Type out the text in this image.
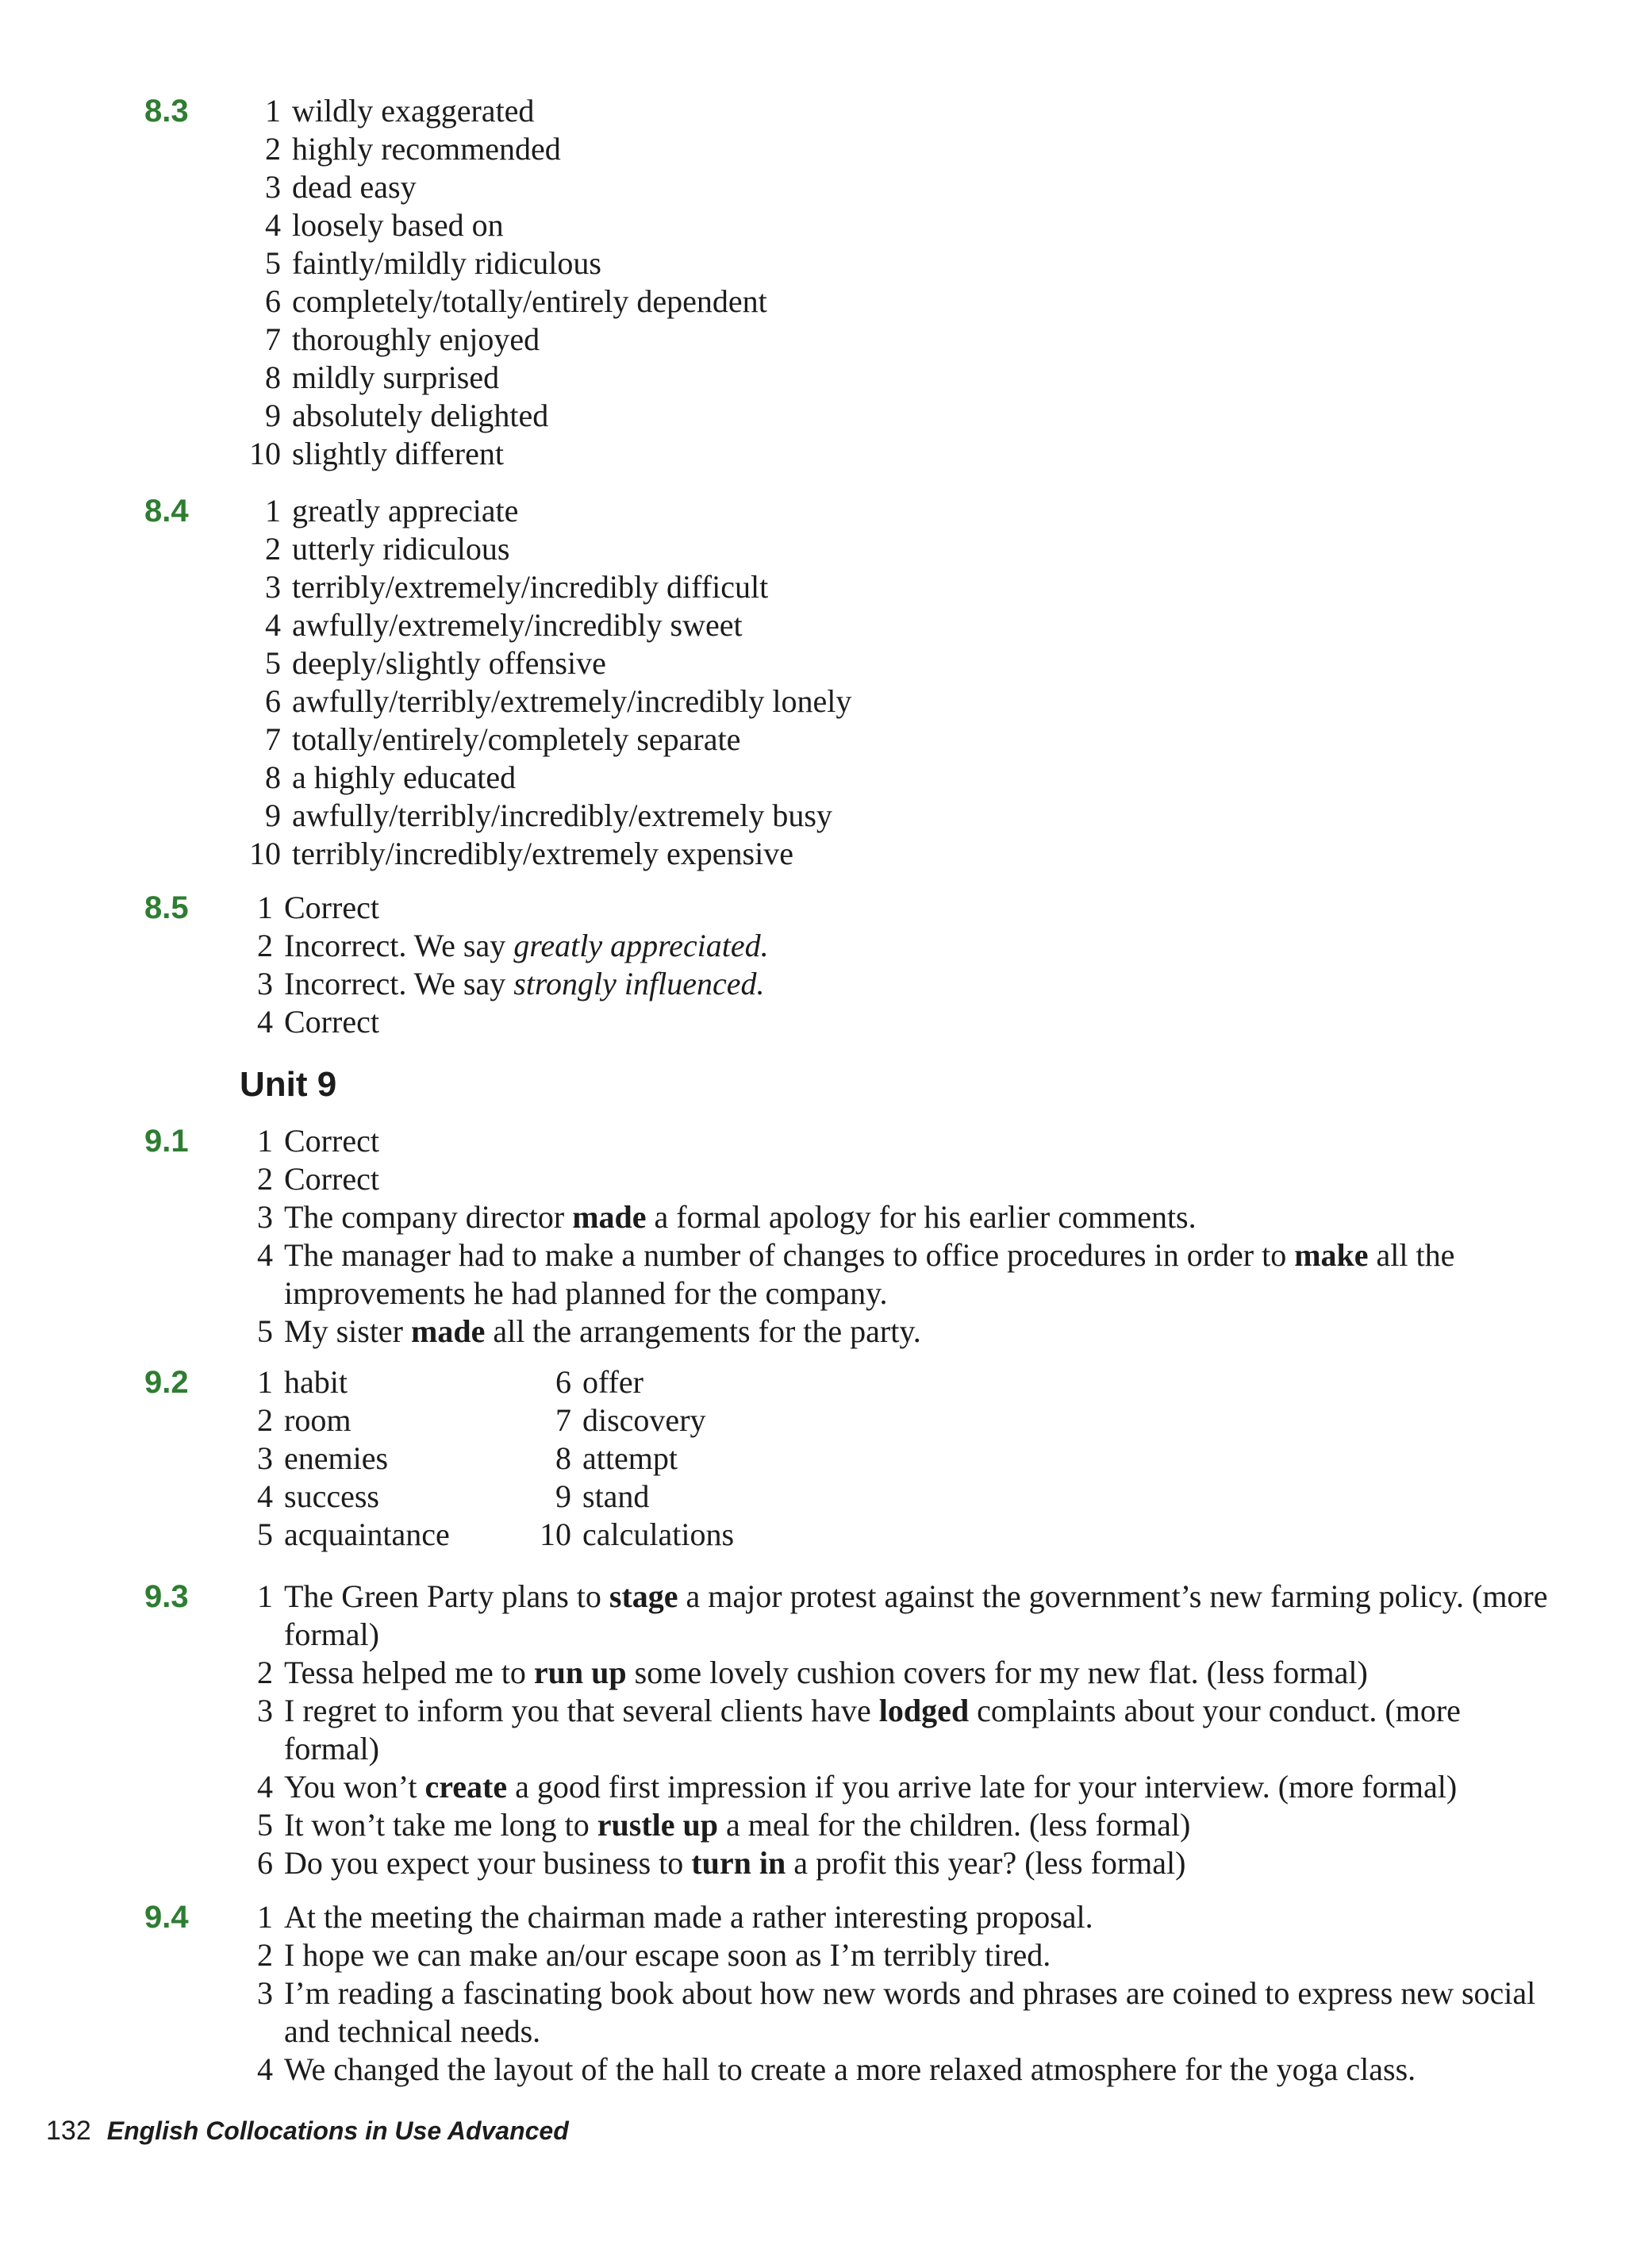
8.3	1 wildly exaggerated
2 highly recommended
3 dead easy
4 loosely based on
5 faintly/mildly ridiculous
6 completely/totally/entirely dependent
7 thoroughly enjoyed
8 mildly surprised
9 absolutely delighted
10 slightly different
8.4	1 greatly appreciate
2 utterly ridiculous
3 terribly/extremely/incredibly difficult
4 awfully/extremely/incredibly sweet
5 deeply/slightly offensive
6 awfully/terribly/extremely/incredibly lonely
7 totally/entirely/completely separate
8 a highly educated
9 awfully/terribly/incredibly/extremely busy
10 terribly/incredibly/extremely expensive
8.5	1 Correct
2 Incorrect. We say greatly appreciated.
3 Incorrect. We say strongly influenced.
4 Correct
Unit 9
9.1	1 Correct
2 Correct
3 The company director made a formal apology for his earlier comments.
4 The manager had to make a number of changes to office procedures in order to make all the improvements he had planned for the company.
5 My sister made all the arrangements for the party.
9.2	1 habit
2 room
3 enemies
4 success
5 acquaintance
6 offer
7 discovery
8 attempt
9 stand
10 calculations
9.3	1 The Green Party plans to stage a major protest against the government’s new farming policy. (more formal)
2 Tessa helped me to run up some lovely cushion covers for my new flat. (less formal)
3 I regret to inform you that several clients have lodged complaints about your conduct. (more formal)
4 You won’t create a good first impression if you arrive late for your interview. (more formal)
5 It won’t take me long to rustle up a meal for the children. (less formal)
6 Do you expect your business to turn in a profit this year? (less formal)
9.4	1 At the meeting the chairman made a rather interesting proposal.
2 I hope we can make an/our escape soon as I’m terribly tired.
3 I’m reading a fascinating book about how new words and phrases are coined to express new social and technical needs.
4 We changed the layout of the hall to create a more relaxed atmosphere for the yoga class.
132 English Collocations in Use Advanced
